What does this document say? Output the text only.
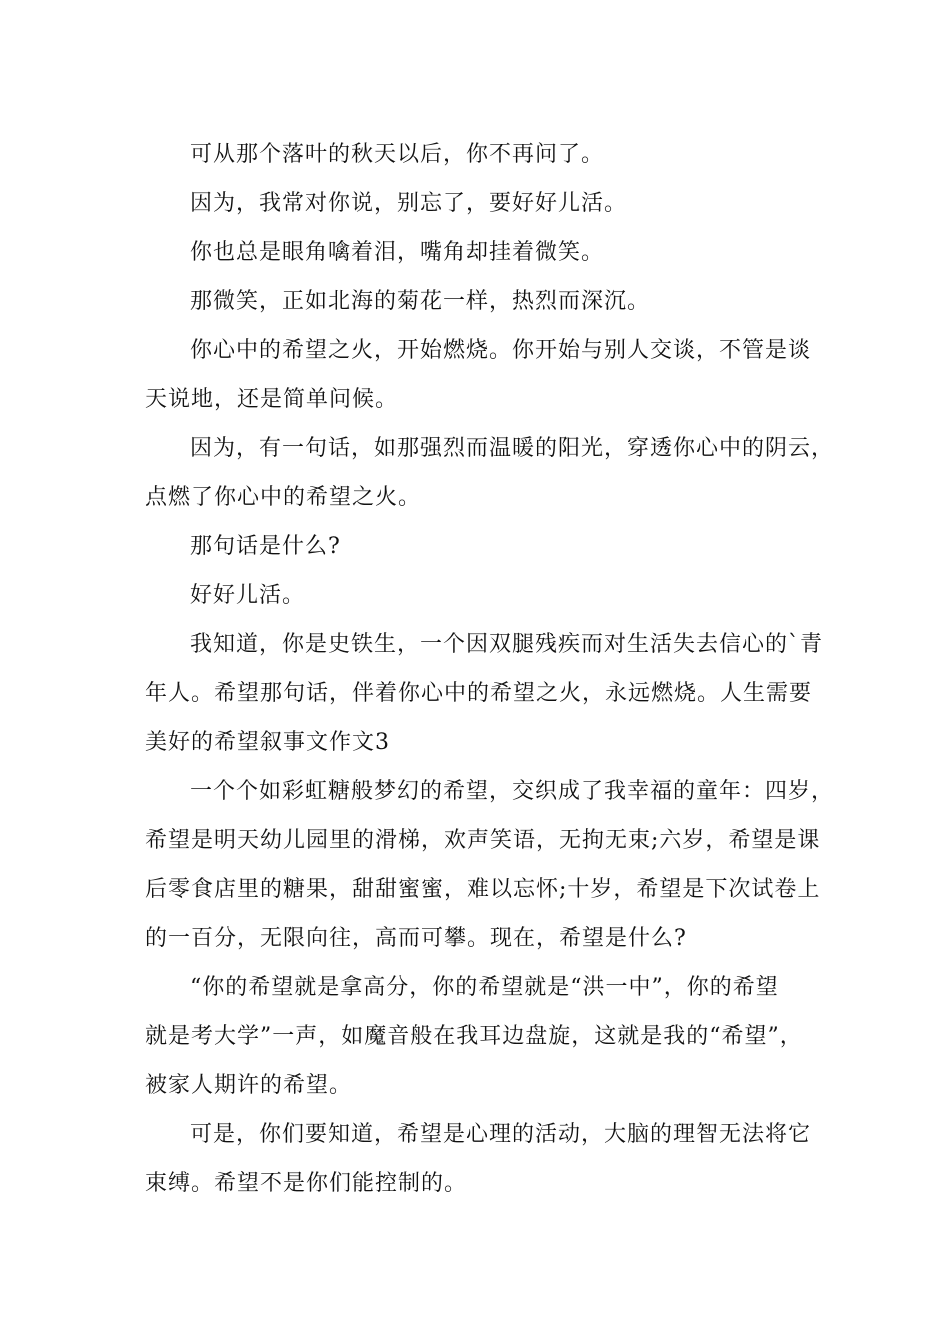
可从那个落叶的秋天以后，你不再问了。

因为，我常对你说，别忘了，要好好儿活。

你也总是眼角噙着泪，嘴角却挂着微笑。

那微笑，正如北海的菊花一样，热烈而深沉。

你心中的希望之火，开始燃烧。你开始与别人交谈，不管是谈
天说地，还是简单问候。

因为，有一句话，如那强烈而温暖的阳光，穿透你心中的阴云，
点燃了你心中的希望之火。

那句话是什么?

好好儿活。

我知道，你是史铁生，一个因双腿残疾而对生活失去信心的`青
年人。希望那句话，伴着你心中的希望之火，永远燃烧。人生需要
美好的希望叙事文作文3

一个个如彩虹糖般梦幻的希望，交织成了我幸福的童年：四岁，
希望是明天幼儿园里的滑梯，欢声笑语，无拘无束;六岁，希望是课
后零食店里的糖果，甜甜蜜蜜，难以忘怀;十岁，希望是下次试卷上
的一百分，无限向往，高而可攀。现在，希望是什么?

“你的希望就是拿高分，你的希望就是“洪一中”，你的希望
就是考大学”一声，如魔音般在我耳边盘旋，这就是我的“希望”，
被家人期许的希望。

可是，你们要知道，希望是心理的活动，大脑的理智无法将它
束缚。希望不是你们能控制的。
